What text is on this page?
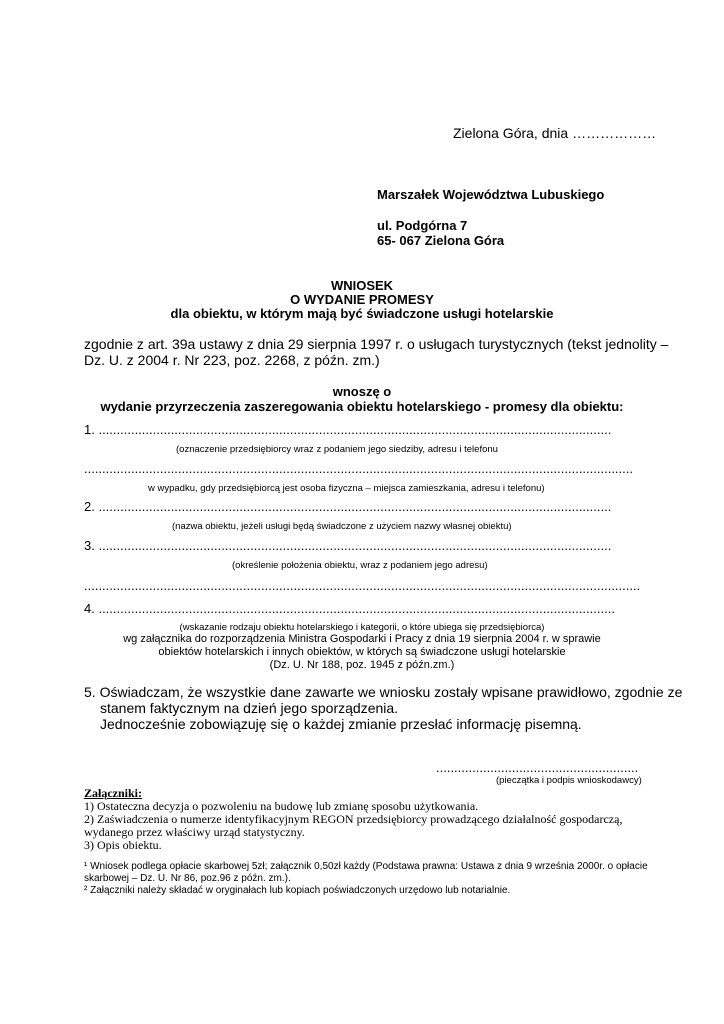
Zielona Góra, dnia ………………
Marszałek Województwa Lubuskiego
ul. Podgórna 7
65- 067 Zielona Góra
WNIOSEK
O WYDANIE PROMESY
dla obiektu, w którym mają być świadczone usługi hotelarskie
zgodnie z art. 39a ustawy z dnia 29 sierpnia 1997 r. o usługach turystycznych (tekst jednolity –
Dz. U. z 2004 r. Nr 223, poz. 2268, z późn. zm.)
wnoszę o
wydanie przyrzeczenia zaszeregowania obiektu hotelarskiego - promesy dla obiektu:
1. ..............................................................................................................................................
(oznaczenie przedsiębiorcy wraz z podaniem jego siedziby, adresu i telefonu
........................................................................................................................................................
w wypadku, gdy przedsiębiorcą jest osoba fizyczna – miejsca zamieszkania, adresu i telefonu)
2. ..............................................................................................................................................
(nazwa obiektu, jeżeli usługi będą świadczone z użyciem nazwy własnej obiektu)
3. ..............................................................................................................................................
(określenie położenia obiektu, wraz z podaniem jego adresu)
..........................................................................................................................................................
4. ...............................................................................................................................................
(wskazanie rodzaju obiektu hotelarskiego i kategorii, o które ubiega się przedsiębiorca)
wg załącznika do rozporządzenia Ministra Gospodarki i Pracy z dnia 19 sierpnia 2004 r. w sprawie
obiektów hotelarskich i innych obiektów, w których są świadczone usługi hotelarskie
(Dz. U. Nr 188, poz. 1945 z późn.zm.)
5. Oświadczam, że wszystkie dane zawarte we wniosku zostały wpisane prawidłowo, zgodnie ze
stanem faktycznym na dzień jego sporządzenia.
Jednocześnie zobowiązuję się o każdej zmianie przesłać informację pisemną.
........................................................
(pieczątka i podpis wnioskodawcy)
Załączniki:
1) Ostateczna decyzja o pozwoleniu na budowę lub zmianę sposobu użytkowania.
2) Zaświadczenia o numerze identyfikacyjnym REGON przedsiębiorcy prowadzącego działalność gospodarczą,
wydanego przez właściwy urząd statystyczny.
3) Opis obiektu.
¹ Wniosek podlega opłacie skarbowej 5zł; załącznik 0,50zł każdy (Podstawa prawna: Ustawa z dnia 9 września 2000r. o opłacie
skarbowej – Dz. U. Nr 86, poz.96 z późn. zm.).
² Załączniki należy składać w oryginałach lub kopiach poświadczonych urzędowo lub notarialnie.
